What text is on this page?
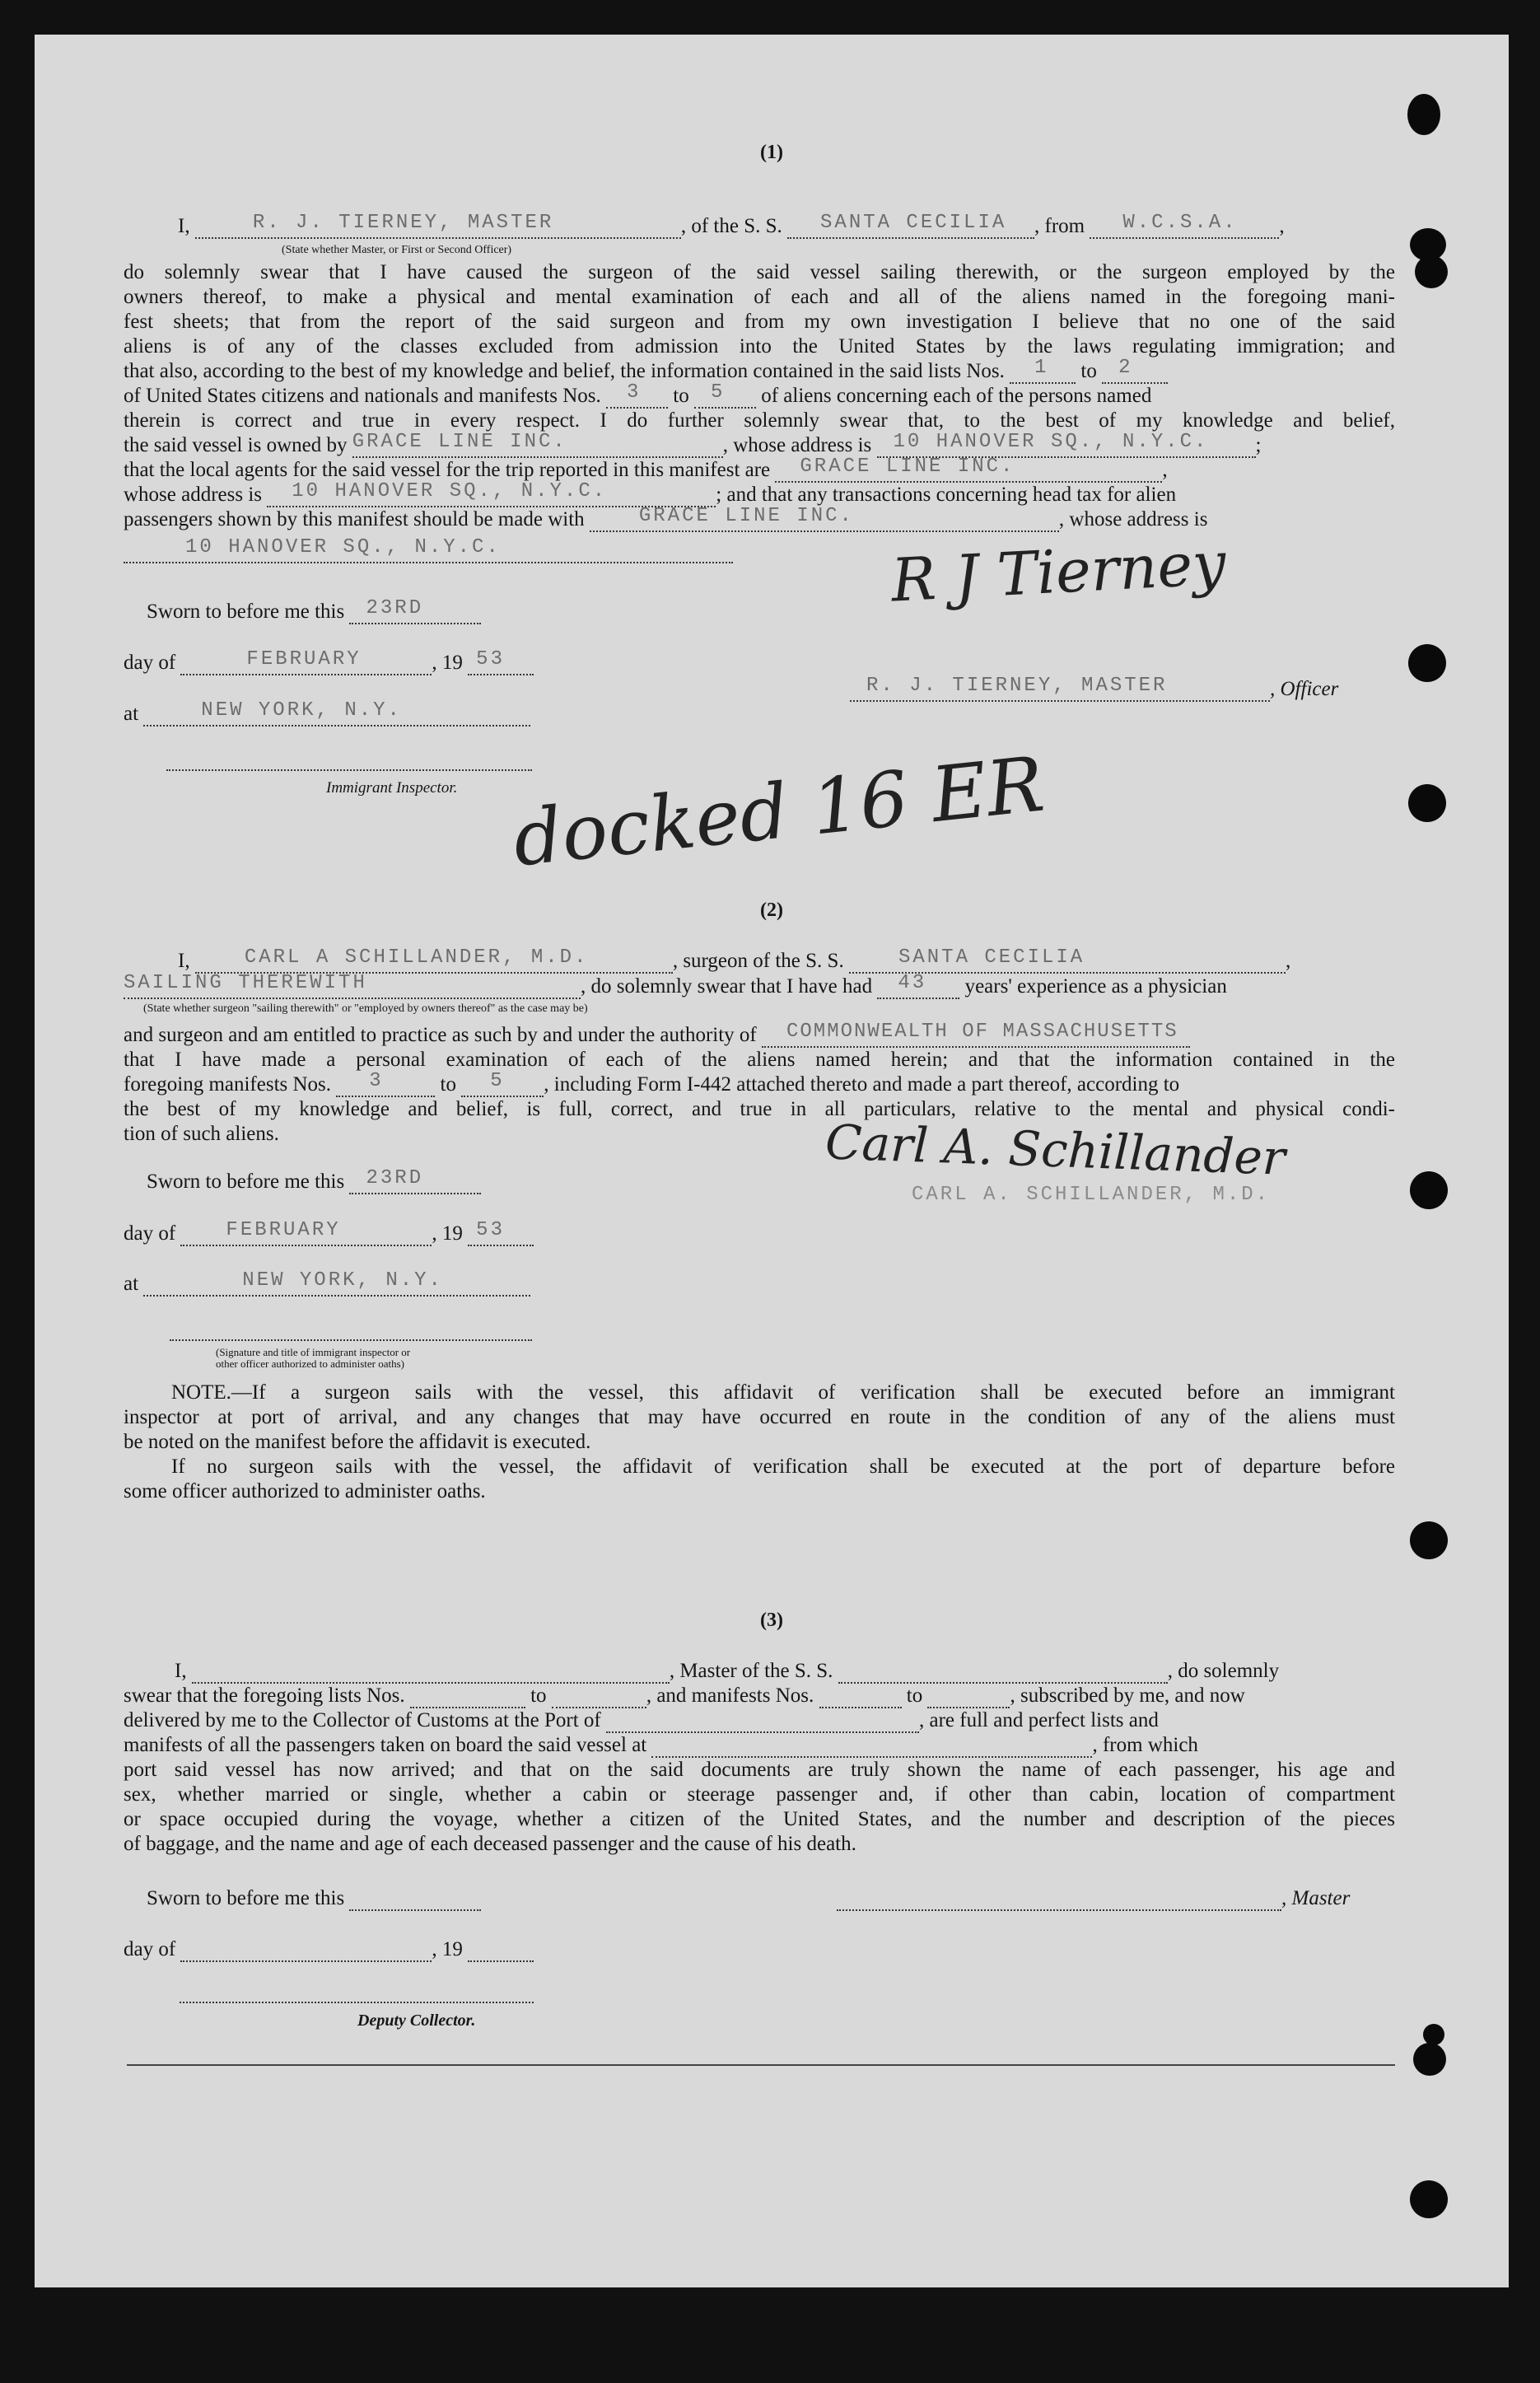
(1)
I,	R. J. TIERNEY, MASTER	, of the S. S. SANTA CECILIA , from W.C.S.A. ,
(State whether Master, or First or Second Officer)
do solemnly swear that I have caused the surgeon of the said vessel sailing therewith, or the surgeon employed by the
owners thereof, to make a physical and mental examination of each and all of the aliens named in the foregoing mani-
fest sheets; that from the report of the said surgeon and from my own investigation I believe that no one of the said
aliens is of any of the classes excluded from admission into the United States by the laws regulating immigration; and
that also, according to the best of my knowledge and belief, the information contained in the said lists Nos. 1 to 2
of United States citizens and nationals and manifests Nos. 3 to 5 of aliens concerning each of the persons named
therein is correct and true in every respect. I do further solemnly swear that, to the best of my knowledge and belief,
the said vessel is owned by GRACE LINE INC.	, whose address is 10 HANOVER SQ., N.Y.C. ;
that the local agents for the said vessel for the trip reported in this manifest are GRACE LINE INC.	,
whose address is 10 HANOVER SQ., N.Y.C.	; and that any transactions concerning head tax for alien
passengers shown by this manifest should be made with	GRACE LINE INC.	, whose address is
10 HANOVER SQ., N.Y.C.
Sworn to before me this 23RD
day of	FEBRUARY	, 19 53
at	NEW YORK, N.Y.
Immigrant Inspector.
R J Tierney
R. J. TIERNEY, MASTER	, Officer
docked 16 ER
(2)
I,	CARL A SCHILLANDER, M.D.	, surgeon of the S. S.	SANTA CECILIA	,
SAILING THEREWITH	, do solemnly swear that I have had 43 years' experience as a physician
(State whether surgeon "sailing therewith" or "employed by owners thereof" as the case may be)
and surgeon and am entitled to practice as such by and under the authority of COMMONWEALTH OF MASSACHUSETTS
that I have made a personal examination of each of the aliens named herein; and that the information contained in the
foregoing manifests Nos. 3	to 5 , including Form I-442 attached thereto and made a part thereof, according to
the best of my knowledge and belief, is full, correct, and true in all particulars, relative to the mental and physical condi-
tion of such aliens.
Sworn to before me this 23RD
day of	FEBRUARY	, 19 53
at	NEW YORK, N.Y.
(Signature and title of immigrant inspector or
other officer authorized to administer oaths)
Carl A. Schillander
CARL A. SCHILLANDER, M.D.
NOTE.—If a surgeon sails with the vessel, this affidavit of verification shall be executed before an immigrant
inspector at port of arrival, and any changes that may have occurred en route in the condition of any of the aliens must
be noted on the manifest before the affidavit is executed.
If no surgeon sails with the vessel, the affidavit of verification shall be executed at the port of departure before
some officer authorized to administer oaths.
(3)
I,	, Master of the S. S.	, do solemnly
swear that the foregoing lists Nos.	to	, and manifests Nos.	to	, subscribed by me, and now
delivered by me to the Collector of Customs at the Port of	, are full and perfect lists and
manifests of all the passengers taken on board the said vessel at	, from which
port said vessel has now arrived; and that on the said documents are truly shown the name of each passenger, his age and
sex, whether married or single, whether a cabin or steerage passenger and, if other than cabin, location of compartment
or space occupied during the voyage, whether a citizen of the United States, and the number and description of the pieces
of baggage, and the name and age of each deceased passenger and the cause of his death.
Sworn to before me this	, Master
day of	, 19
Deputy Collector.
